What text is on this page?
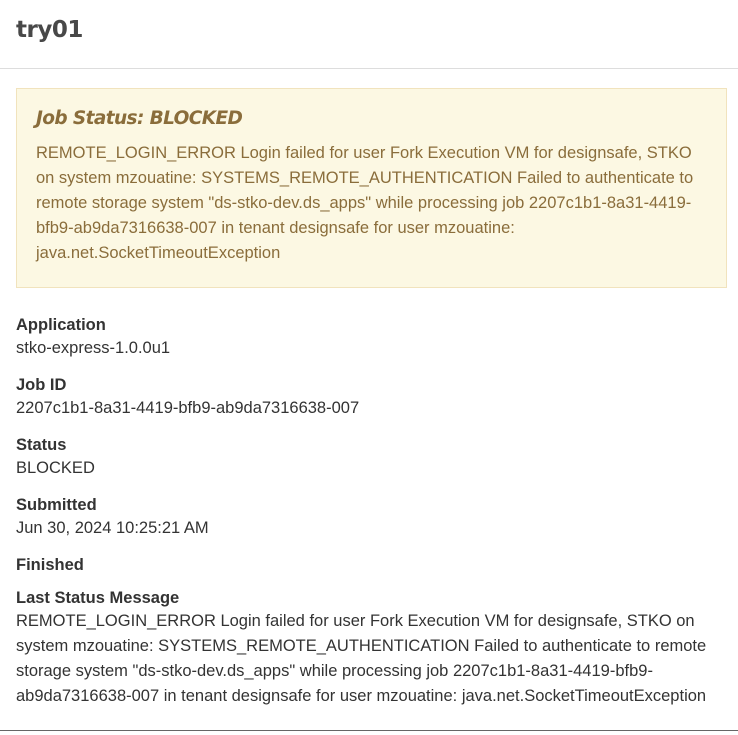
try01
Job Status: BLOCKED

REMOTE_LOGIN_ERROR Login failed for user Fork Execution VM for designsafe, STKO on system mzouatine: SYSTEMS_REMOTE_AUTHENTICATION Failed to authenticate to remote storage system "ds-stko-dev.ds_apps" while processing job 2207c1b1-8a31-4419-bfb9-ab9da7316638-007 in tenant designsafe for user mzouatine: java.net.SocketTimeoutException

Application
stko-express-1.0.0u1
Job ID
2207c1b1-8a31-4419-bfb9-ab9da7316638-007
Status
BLOCKED
Submitted
Jun 30, 2024 10:25:21 AM
Finished
Last Status Message
REMOTE_LOGIN_ERROR Login failed for user Fork Execution VM for designsafe, STKO on system mzouatine: SYSTEMS_REMOTE_AUTHENTICATION Failed to authenticate to remote storage system "ds-stko-dev.ds_apps" while processing job 2207c1b1-8a31-4419-bfb9-ab9da7316638-007 in tenant designsafe for user mzouatine: java.net.SocketTimeoutException
